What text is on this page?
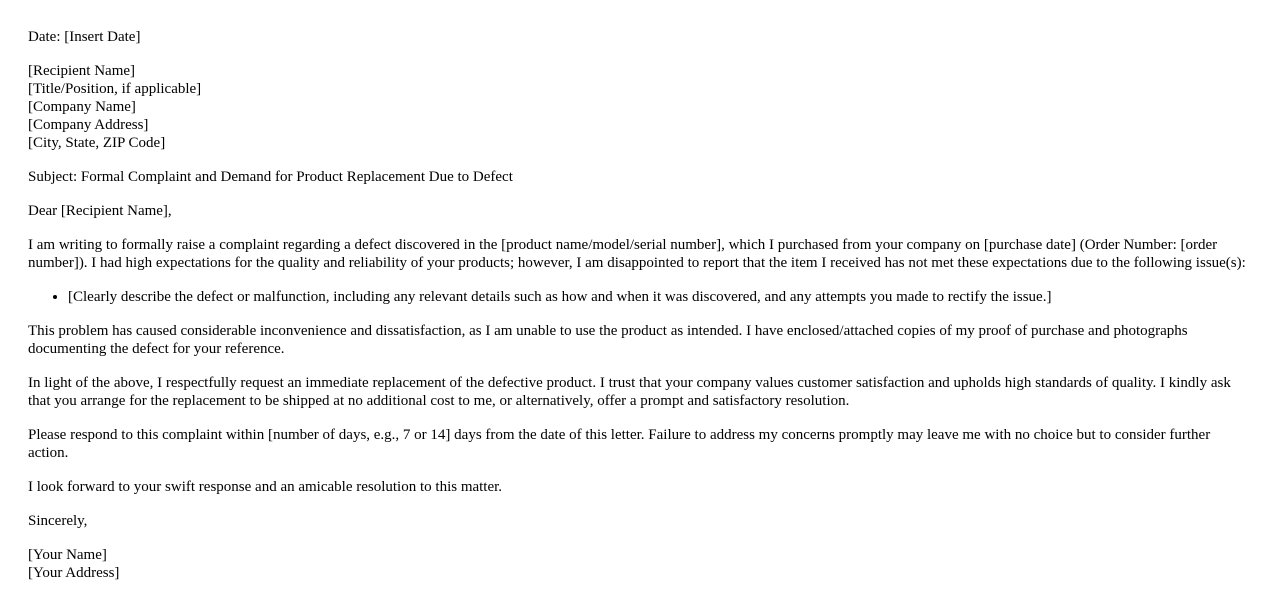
Date: [Insert Date]

[Recipient Name]
[Title/Position, if applicable]
[Company Name]
[Company Address]
[City, State, ZIP Code]

Subject: Formal Complaint and Demand for Product Replacement Due to Defect

Dear [Recipient Name],

I am writing to formally raise a complaint regarding a defect discovered in the [product name/model/serial number], which I purchased from your company on [purchase date] (Order Number: [order number]). I had high expectations for the quality and reliability of your products; however, I am disappointed to report that the item I received has not met these expectations due to the following issue(s):

• [Clearly describe the defect or malfunction, including any relevant details such as how and when it was discovered, and any attempts you made to rectify the issue.]

This problem has caused considerable inconvenience and dissatisfaction, as I am unable to use the product as intended. I have enclosed/attached copies of my proof of purchase and photographs documenting the defect for your reference.

In light of the above, I respectfully request an immediate replacement of the defective product. I trust that your company values customer satisfaction and upholds high standards of quality. I kindly ask that you arrange for the replacement to be shipped at no additional cost to me, or alternatively, offer a prompt and satisfactory resolution.

Please respond to this complaint within [number of days, e.g., 7 or 14] days from the date of this letter. Failure to address my concerns promptly may leave me with no choice but to consider further action.

I look forward to your swift response and an amicable resolution to this matter.

Sincerely,

[Your Name]
[Your Address]
